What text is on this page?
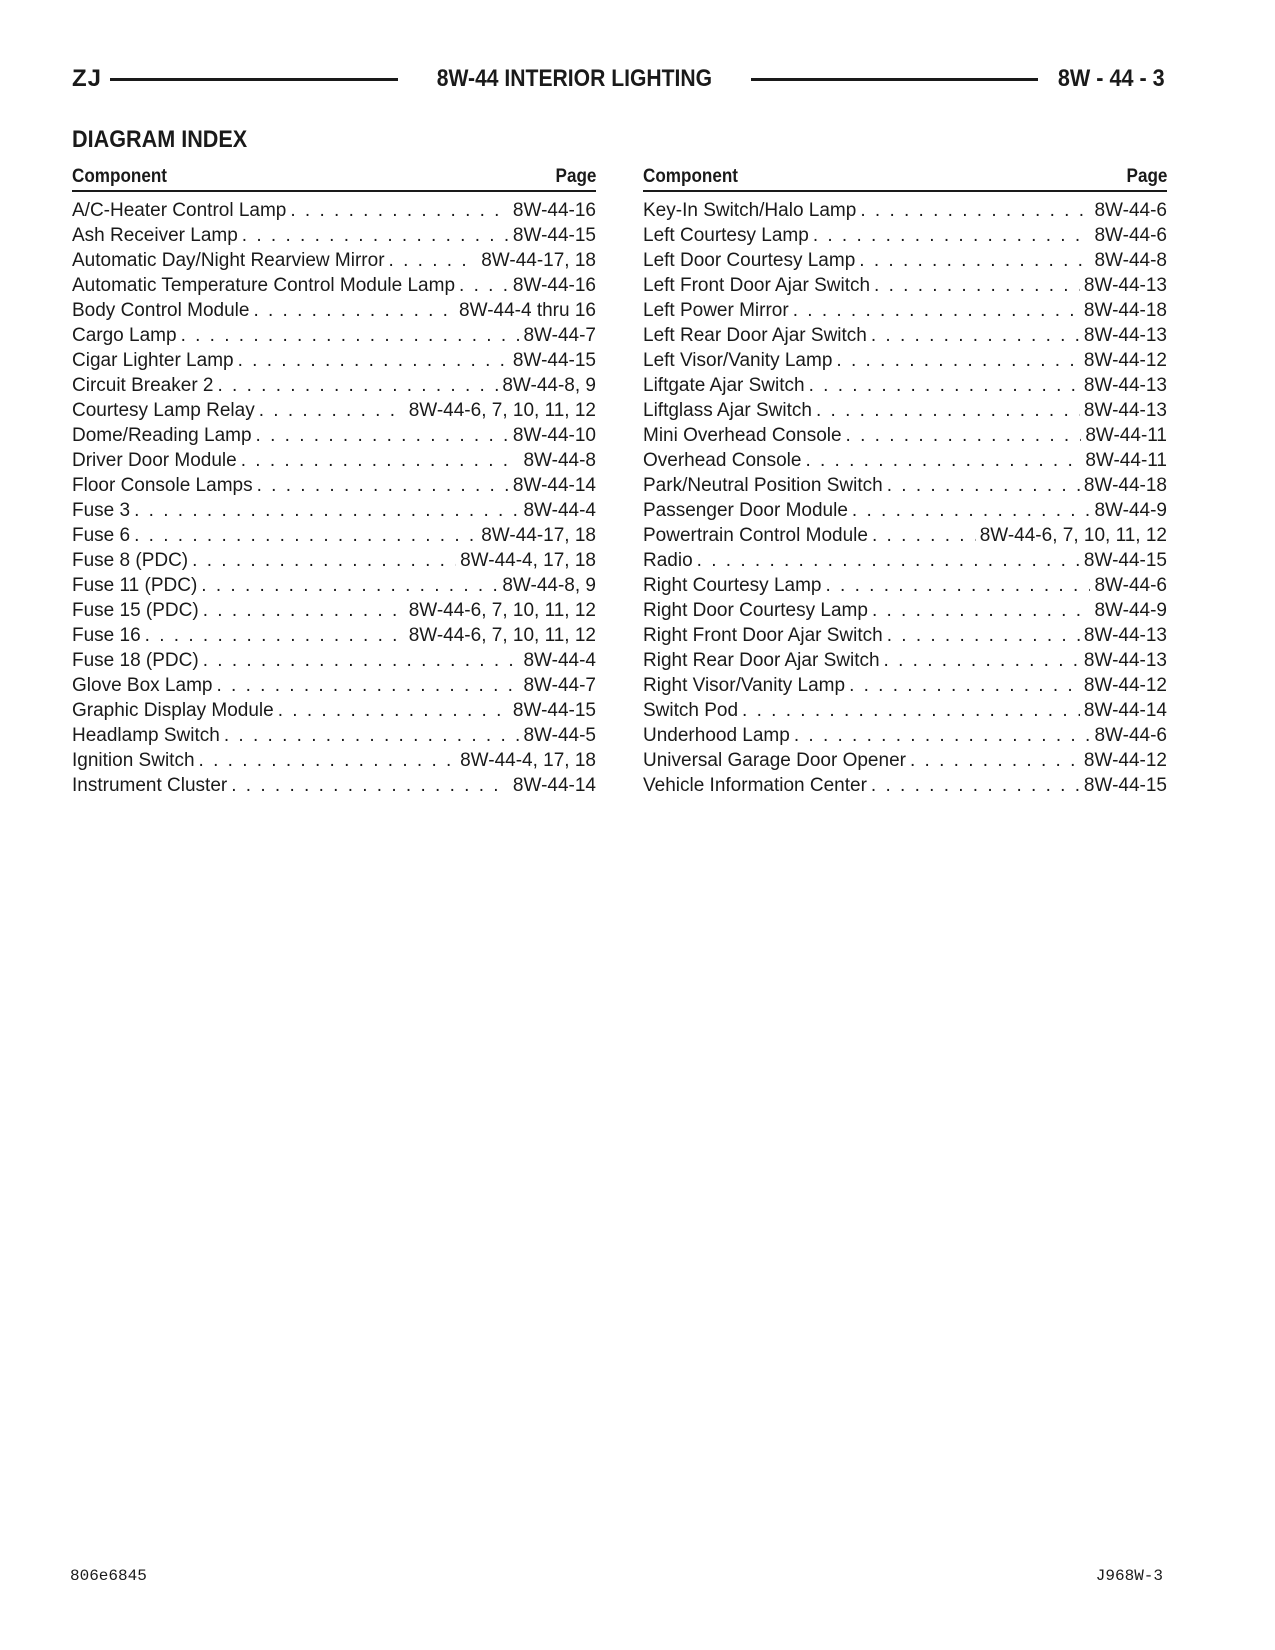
ZJ	8W-44 INTERIOR LIGHTING	8W - 44 - 3
DIAGRAM INDEX
Component	Page
A/C-Heater Control Lamp . . .	8W-44-16
Ash Receiver Lamp . . .	8W-44-15
Automatic Day/Night Rearview Mirror . . .	8W-44-17, 18
Automatic Temperature Control Module Lamp . . .	8W-44-16
Body Control Module . . .	8W-44-4 thru 16
Cargo Lamp . . .	8W-44-7
Cigar Lighter Lamp . . .	8W-44-15
Circuit Breaker 2 . . .	8W-44-8, 9
Courtesy Lamp Relay . . .	8W-44-6, 7, 10, 11, 12
Dome/Reading Lamp . . .	8W-44-10
Driver Door Module . . .	8W-44-8
Floor Console Lamps . . .	8W-44-14
Fuse 3 . . .	8W-44-4
Fuse 6 . . .	8W-44-17, 18
Fuse 8 (PDC) . . .	8W-44-4, 17, 18
Fuse 11 (PDC) . . .	8W-44-8, 9
Fuse 15 (PDC) . . .	8W-44-6, 7, 10, 11, 12
Fuse 16 . . .	8W-44-6, 7, 10, 11, 12
Fuse 18 (PDC) . . .	8W-44-4
Glove Box Lamp . . .	8W-44-7
Graphic Display Module . . .	8W-44-15
Headlamp Switch . . .	8W-44-5
Ignition Switch . . .	8W-44-4, 17, 18
Instrument Cluster . . .	8W-44-14
Component	Page
Key-In Switch/Halo Lamp . . .	8W-44-6
Left Courtesy Lamp . . .	8W-44-6
Left Door Courtesy Lamp . . .	8W-44-8
Left Front Door Ajar Switch . . .	8W-44-13
Left Power Mirror . . .	8W-44-18
Left Rear Door Ajar Switch . . .	8W-44-13
Left Visor/Vanity Lamp . . .	8W-44-12
Liftgate Ajar Switch . . .	8W-44-13
Liftglass Ajar Switch . . .	8W-44-13
Mini Overhead Console . . .	8W-44-11
Overhead Console . . .	8W-44-11
Park/Neutral Position Switch . . .	8W-44-18
Passenger Door Module . . .	8W-44-9
Powertrain Control Module . . .	8W-44-6, 7, 10, 11, 12
Radio . . .	8W-44-15
Right Courtesy Lamp . . .	8W-44-6
Right Door Courtesy Lamp . . .	8W-44-9
Right Front Door Ajar Switch . . .	8W-44-13
Right Rear Door Ajar Switch . . .	8W-44-13
Right Visor/Vanity Lamp . . .	8W-44-12
Switch Pod . . .	8W-44-14
Underhood Lamp . . .	8W-44-6
Universal Garage Door Opener . . .	8W-44-12
Vehicle Information Center . . .	8W-44-15
806e6845	J968W-3
